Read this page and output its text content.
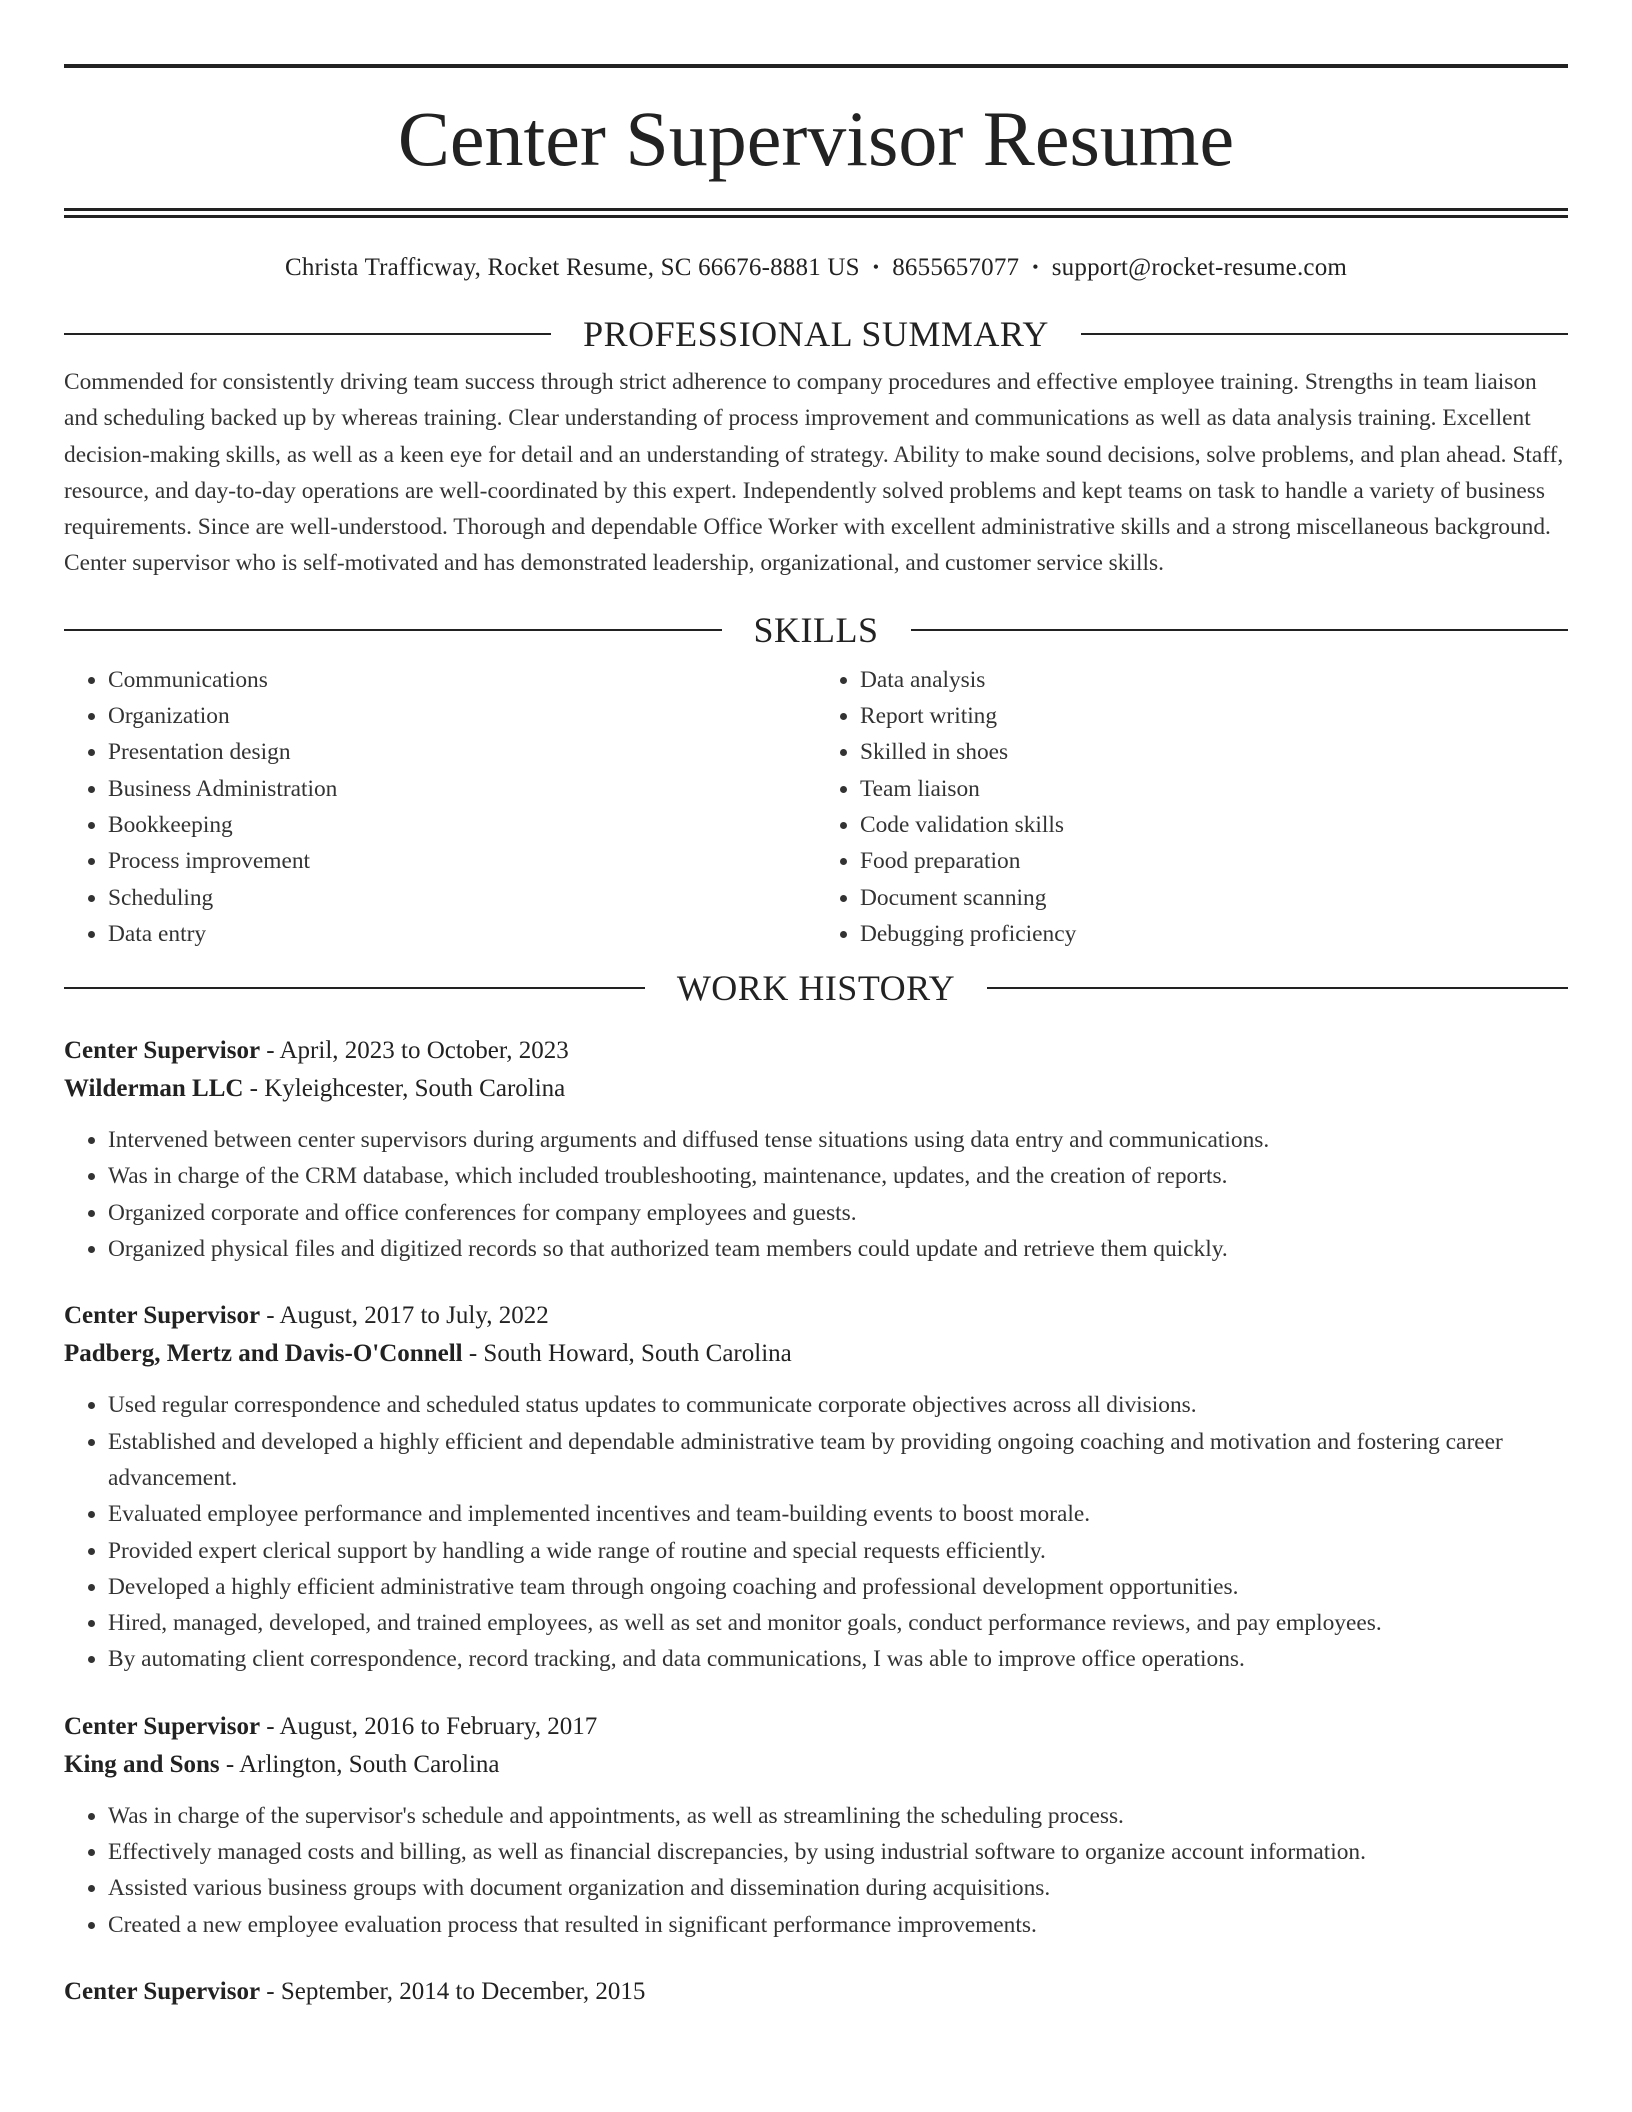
Center Supervisor Resume
Christa Trafficway, Rocket Resume, SC 66676-8881 US • 8655657077 • support@rocket-resume.com
PROFESSIONAL SUMMARY

Commended for consistently driving team success through strict adherence to company procedures and effective employee training. Strengths in team liaison and scheduling backed up by whereas training. Clear understanding of process improvement and communications as well as data analysis training. Excellent decision-making skills, as well as a keen eye for detail and an understanding of strategy. Ability to make sound decisions, solve problems, and plan ahead. Staff, resource, and day-to-day operations are well-coordinated by this expert. Independently solved problems and kept teams on task to handle a variety of business requirements. Since are well-understood. Thorough and dependable Office Worker with excellent administrative skills and a strong miscellaneous background. Center supervisor who is self-motivated and has demonstrated leadership, organizational, and customer service skills.

SKILLS
• Communications
• Organization
• Presentation design
• Business Administration
• Bookkeeping
• Process improvement
• Scheduling
• Data entry
• Data analysis
• Report writing
• Skilled in shoes
• Team liaison
• Code validation skills
• Food preparation
• Document scanning
• Debugging proficiency
WORK HISTORY
Center Supervisor - April, 2023 to October, 2023
Wilderman LLC - Kyleighcester, South Carolina
• Intervened between center supervisors during arguments and diffused tense situations using data entry and communications.
• Was in charge of the CRM database, which included troubleshooting, maintenance, updates, and the creation of reports.
• Organized corporate and office conferences for company employees and guests.
• Organized physical files and digitized records so that authorized team members could update and retrieve them quickly.
Center Supervisor - August, 2017 to July, 2022
Padberg, Mertz and Davis-O'Connell - South Howard, South Carolina
• Used regular correspondence and scheduled status updates to communicate corporate objectives across all divisions.
• Established and developed a highly efficient and dependable administrative team by providing ongoing coaching and motivation and fostering career advancement.
• Evaluated employee performance and implemented incentives and team-building events to boost morale.
• Provided expert clerical support by handling a wide range of routine and special requests efficiently.
• Developed a highly efficient administrative team through ongoing coaching and professional development opportunities.
• Hired, managed, developed, and trained employees, as well as set and monitor goals, conduct performance reviews, and pay employees.
• By automating client correspondence, record tracking, and data communications, I was able to improve office operations.
Center Supervisor - August, 2016 to February, 2017
King and Sons - Arlington, South Carolina
• Was in charge of the supervisor's schedule and appointments, as well as streamlining the scheduling process.
• Effectively managed costs and billing, as well as financial discrepancies, by using industrial software to organize account information.
• Assisted various business groups with document organization and dissemination during acquisitions.
• Created a new employee evaluation process that resulted in significant performance improvements.
Center Supervisor - September, 2014 to December, 2015
